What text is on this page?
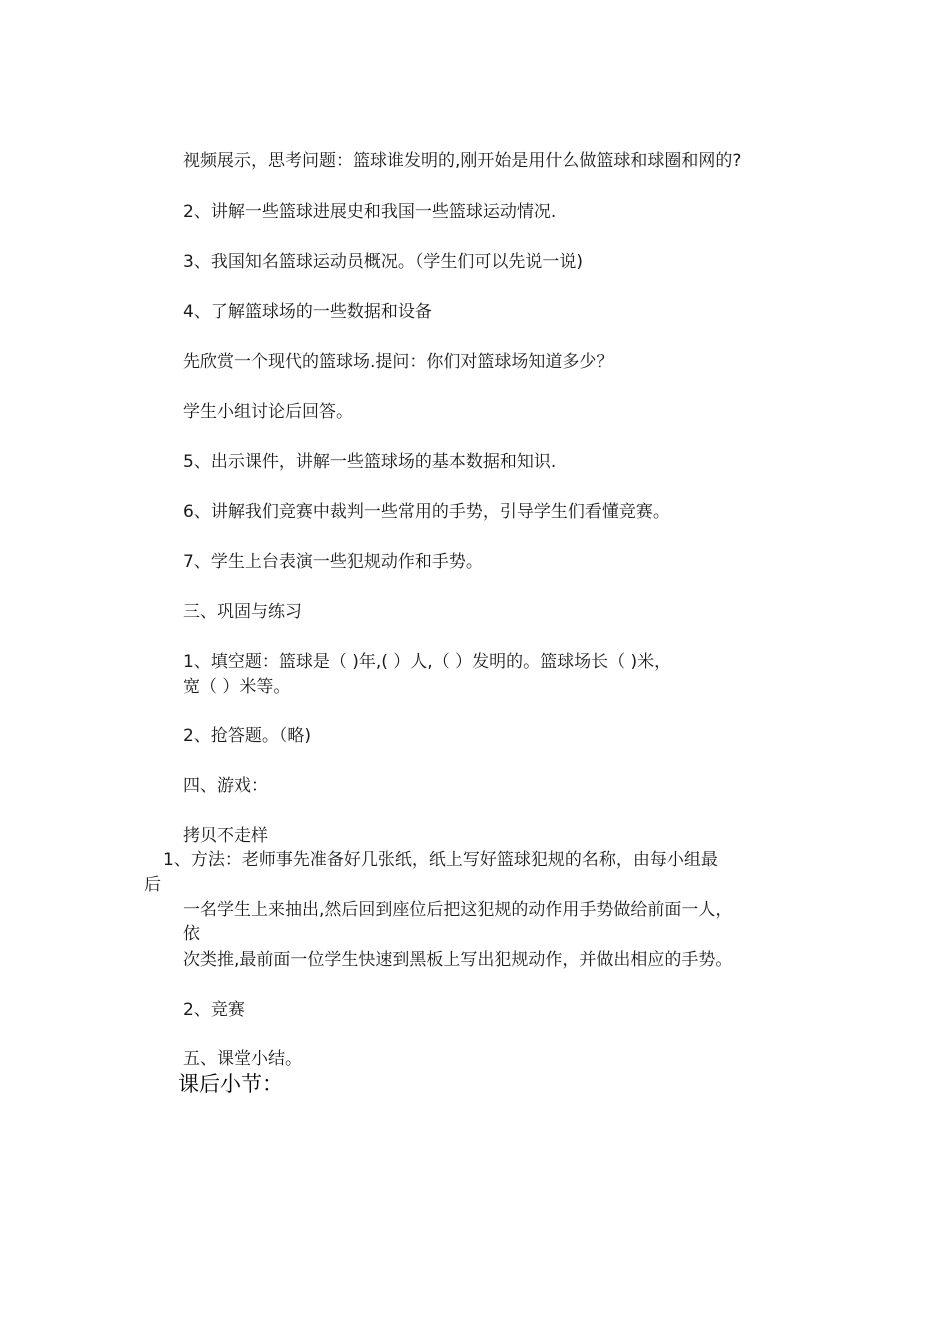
视频展示，思考问题：篮球谁发明的,刚开始是用什么做篮球和球圈和网的?
2、讲解一些篮球进展史和我国一些篮球运动情况.
3、我国知名篮球运动员概况。（学生们可以先说一说)
4、了解篮球场的一些数据和设备
先欣赏一个现代的篮球场.提问：你们对篮球场知道多少？
学生小组讨论后回答。
5、出示课件，讲解一些篮球场的基本数据和知识.
6、讲解我们竞赛中裁判一些常用的手势，引导学生们看懂竞赛。
7、学生上台表演一些犯规动作和手势。
三、巩固与练习
1、填空题：篮球是（ )年,( ）人,（ ）发明的。篮球场长（ )米，
宽（ ）米等。
2、抢答题。（略)
四、游戏：
拷贝不走样
1、方法：老师事先准备好几张纸，纸上写好篮球犯规的名称，由每小组最
后
一名学生上来抽出,然后回到座位后把这犯规的动作用手势做给前面一人，
依
次类推,最前面一位学生快速到黑板上写出犯规动作，并做出相应的手势。
2、竞赛
五、课堂小结。
课后小节：
